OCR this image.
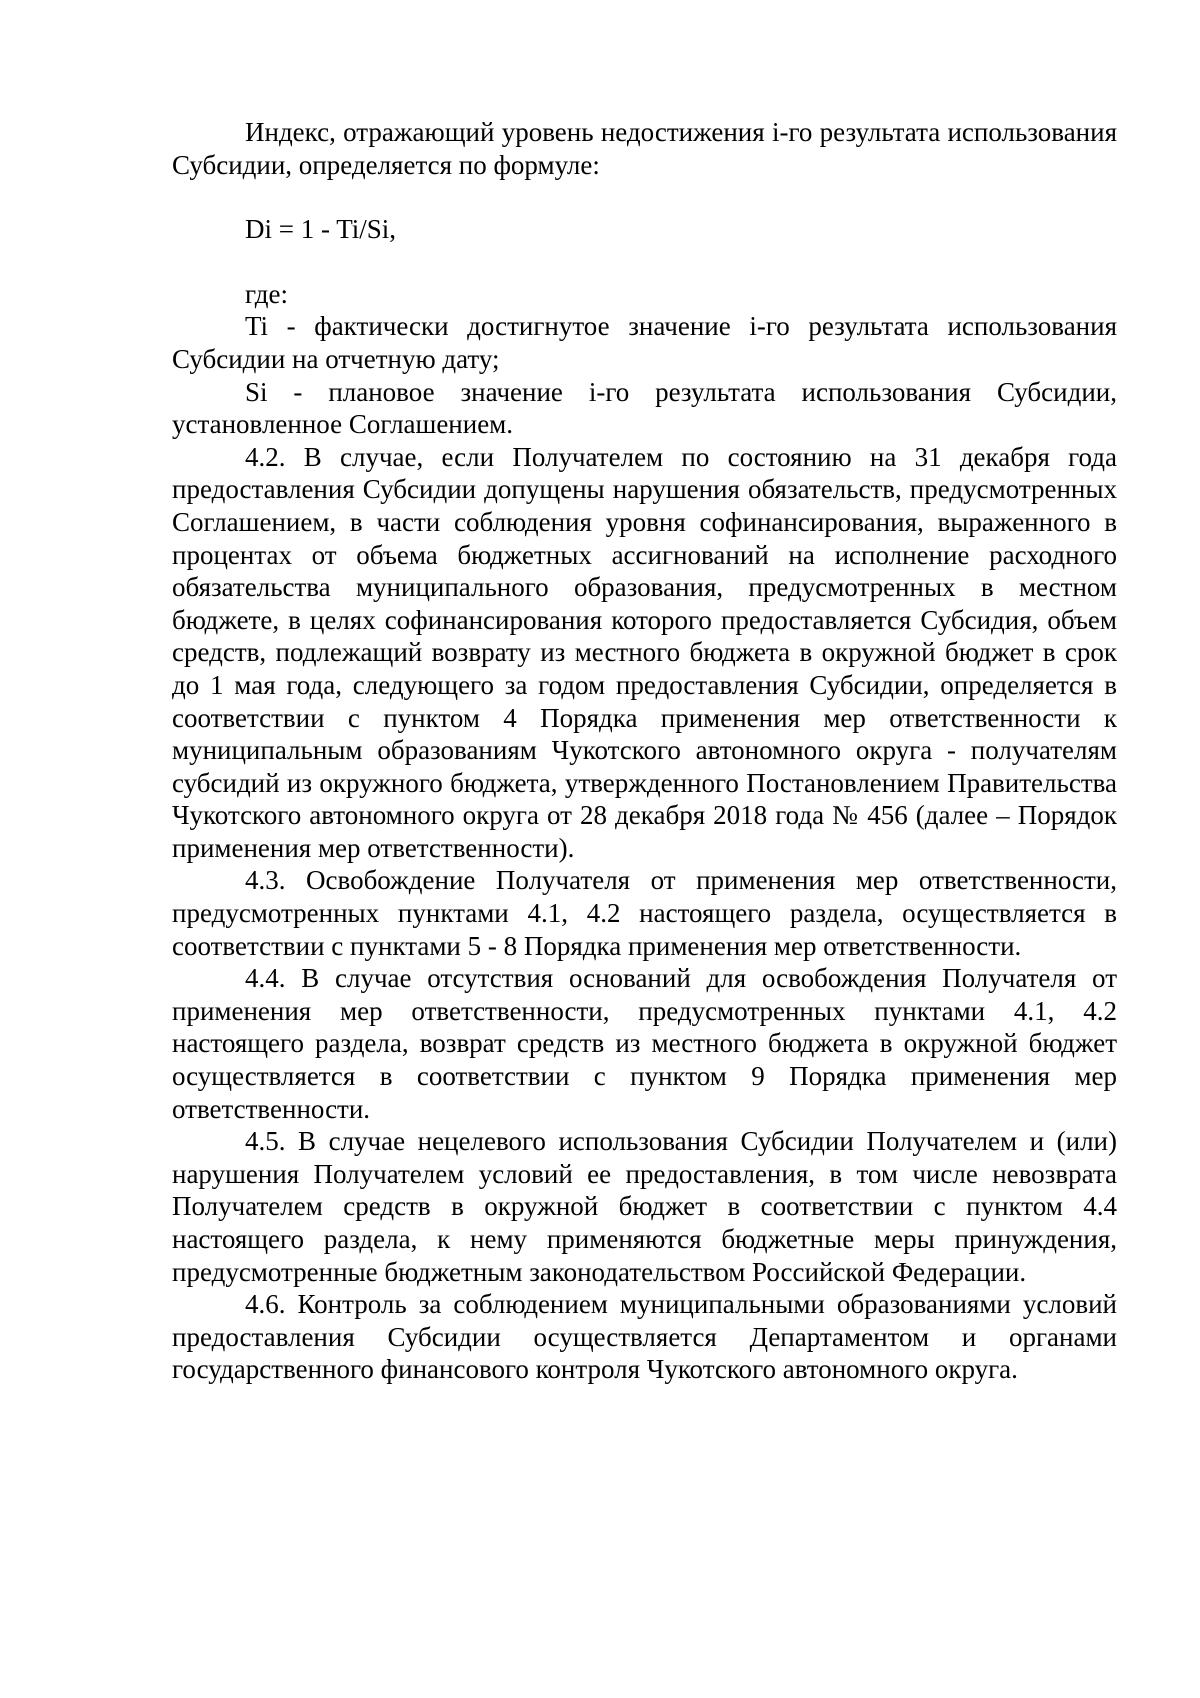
Индекс, отражающий уровень недостижения i-го результата использования Субсидии, определяется по формуле:

Di = 1 - Ti/Si,

где:

Ti - фактически достигнутое значение i-го результата использования Субсидии на отчетную дату;

Si - плановое значение i-го результата использования Субсидии, установленное Соглашением.

4.2. В случае, если Получателем по состоянию на 31 декабря года предоставления Субсидии допущены нарушения обязательств, предусмотренных Соглашением, в части соблюдения уровня софинансирования, выраженного в процентах от объема бюджетных ассигнований на исполнение расходного обязательства муниципального образования, предусмотренных в местном бюджете, в целях софинансирования которого предоставляется Субсидия, объем средств, подлежащий возврату из местного бюджета в окружной бюджет в срок до 1 мая года, следующего за годом предоставления Субсидии, определяется в соответствии с пунктом 4 Порядка применения мер ответственности к муниципальным образованиям Чукотского автономного округа - получателям субсидий из окружного бюджета, утвержденного Постановлением Правительства Чукотского автономного округа от 28 декабря 2018 года № 456 (далее – Порядок применения мер ответственности).

4.3. Освобождение Получателя от применения мер ответственности, предусмотренных пунктами 4.1, 4.2 настоящего раздела, осуществляется в соответствии с пунктами 5 - 8 Порядка применения мер ответственности.

4.4. В случае отсутствия оснований для освобождения Получателя от применения мер ответственности, предусмотренных пунктами 4.1, 4.2 настоящего раздела, возврат средств из местного бюджета в окружной бюджет осуществляется в соответствии с пунктом 9 Порядка применения мер ответственности.

4.5. В случае нецелевого использования Субсидии Получателем и (или) нарушения Получателем условий ее предоставления, в том числе невозврата Получателем средств в окружной бюджет в соответствии с пунктом 4.4 настоящего раздела, к нему применяются бюджетные меры принуждения, предусмотренные бюджетным законодательством Российской Федерации.

4.6. Контроль за соблюдением муниципальными образованиями условий предоставления Субсидии осуществляется Департаментом и органами государственного финансового контроля Чукотского автономного округа.
